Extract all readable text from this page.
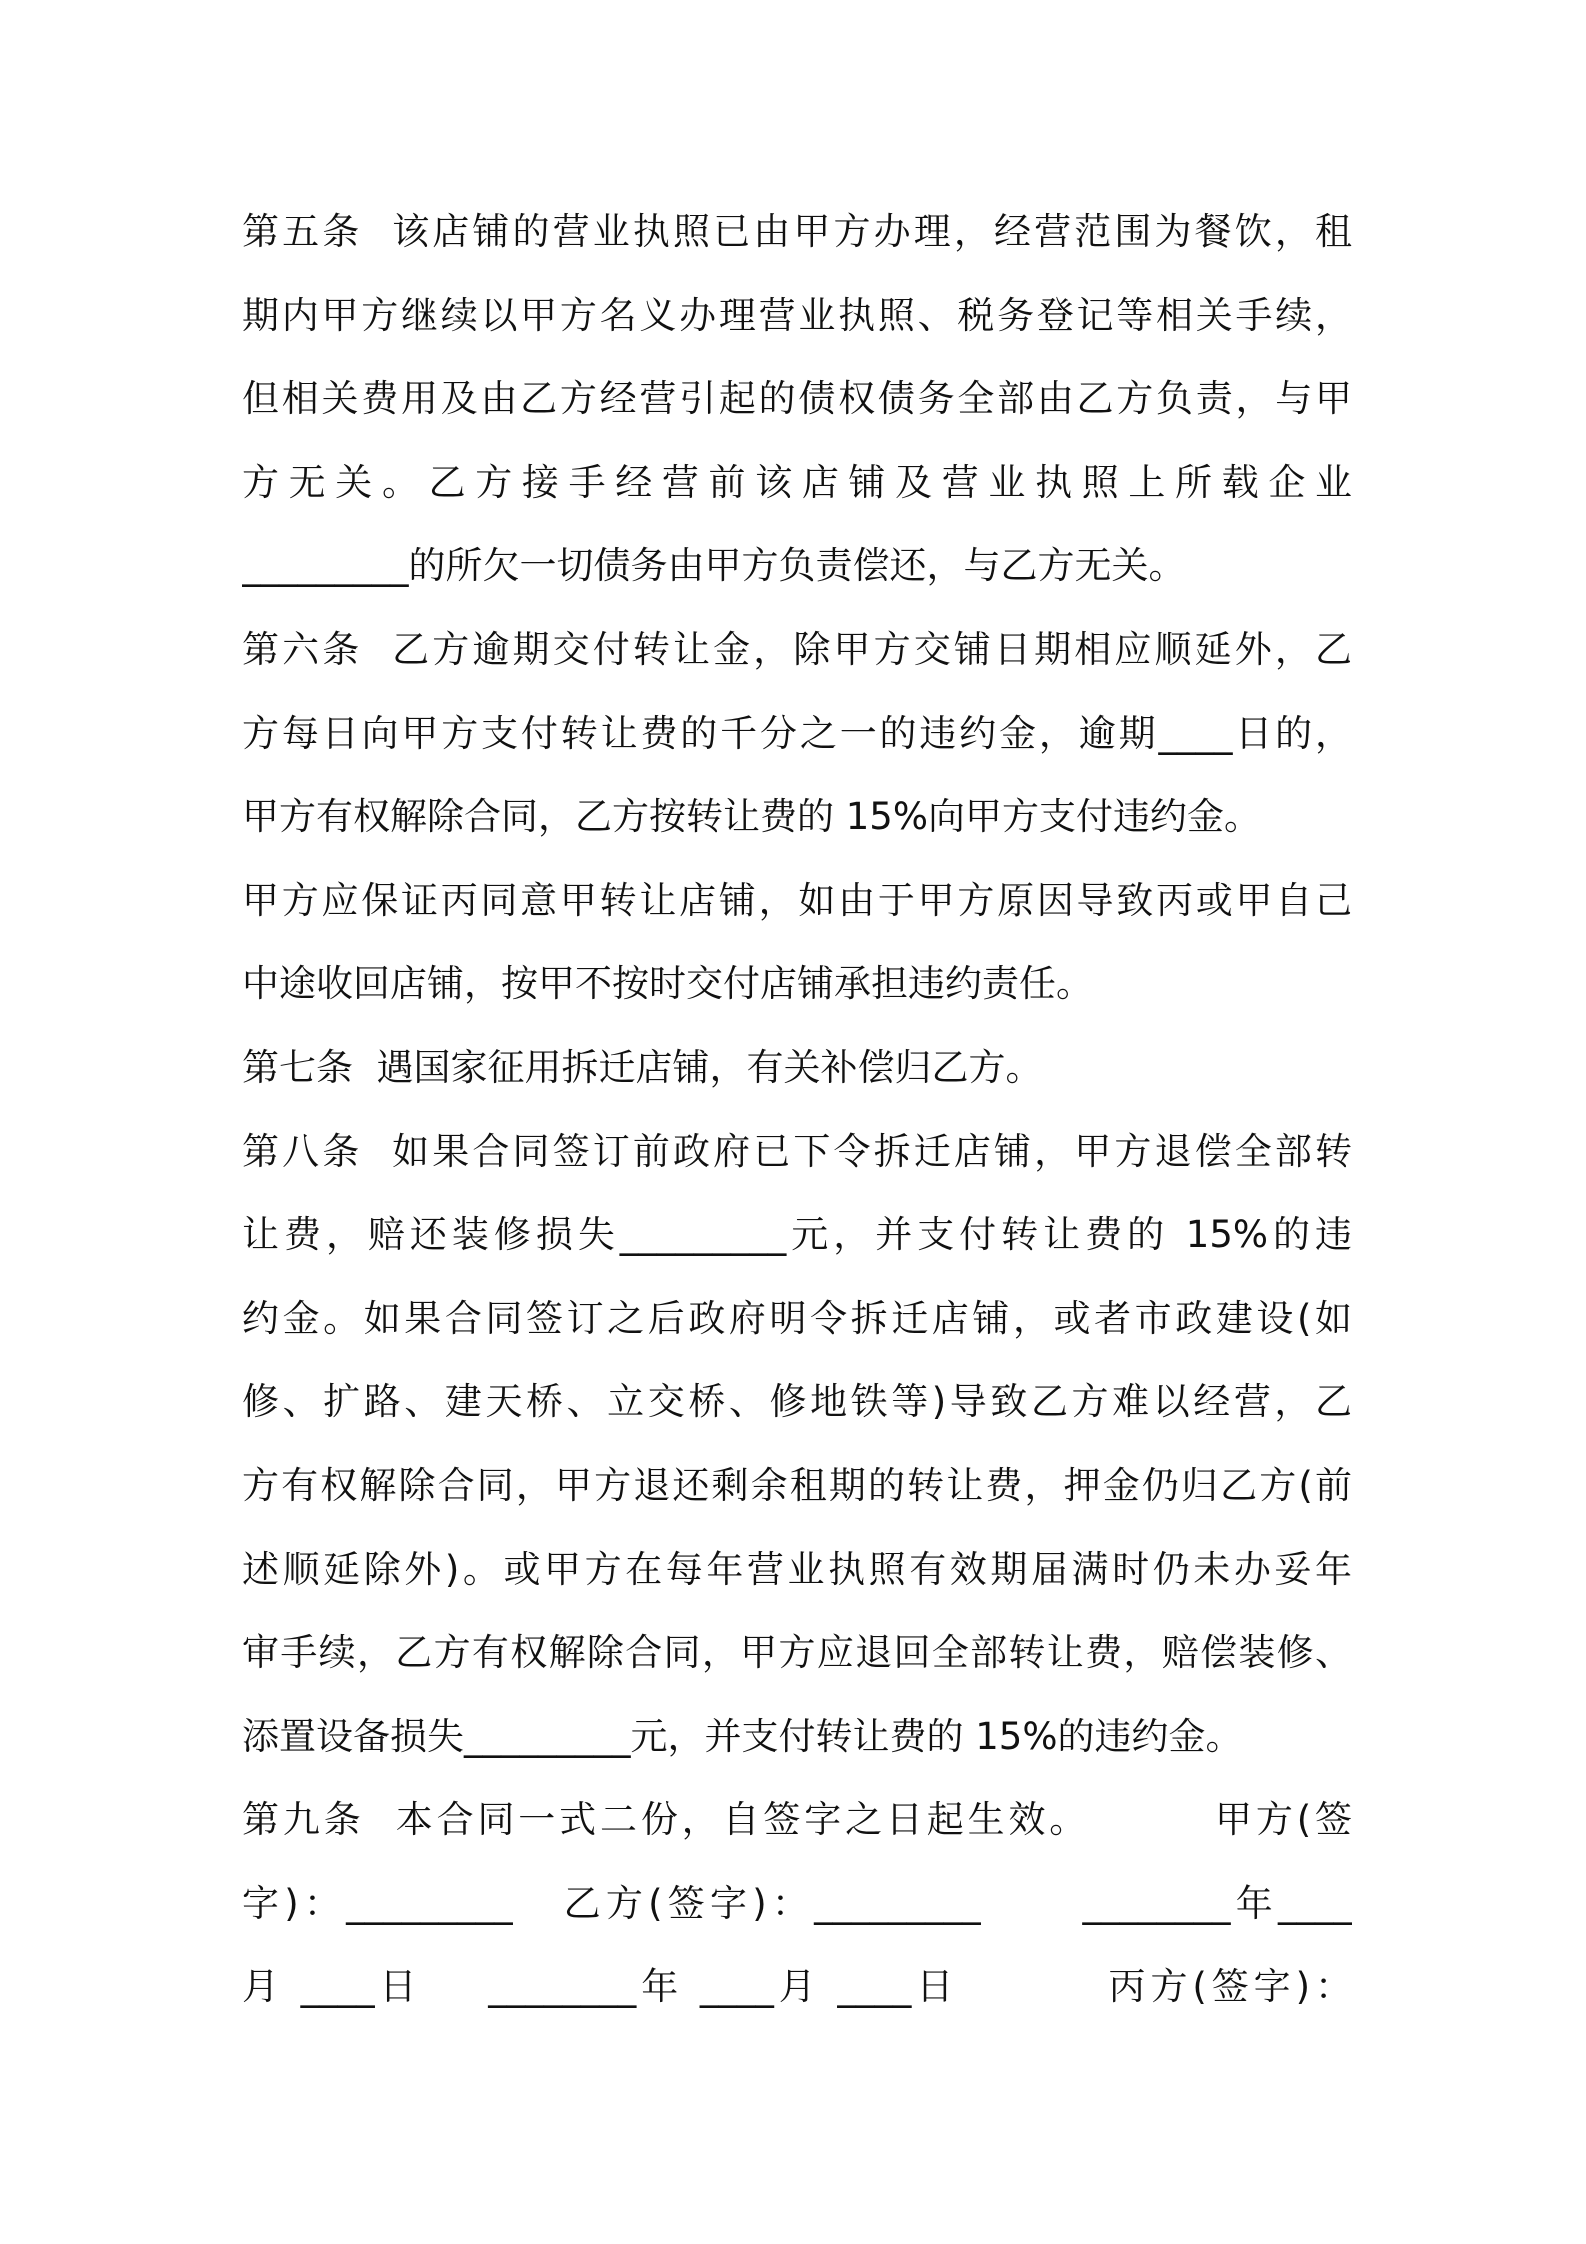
第五条  该店铺的营业执照已由甲方办理，经营范围为餐饮，租
期内甲方继续以甲方名义办理营业执照、税务登记等相关手续，
但相关费用及由乙方经营引起的债权债务全部由乙方负责，与甲
方无关。乙方接手经营前该店铺及营业执照上所载企业
_________的所欠一切债务由甲方负责偿还，与乙方无关。
第六条  乙方逾期交付转让金，除甲方交铺日期相应顺延外，乙
方每日向甲方支付转让费的千分之一的违约金，逾期____日的，
甲方有权解除合同，乙方按转让费的 15%向甲方支付违约金。
甲方应保证丙同意甲转让店铺，如由于甲方原因导致丙或甲自己
中途收回店铺，按甲不按时交付店铺承担违约责任。
第七条  遇国家征用拆迁店铺，有关补偿归乙方。
第八条  如果合同签订前政府已下令拆迁店铺，甲方退偿全部转
让费，赔还装修损失_________元，并支付转让费的 15%的违
约金。如果合同签订之后政府明令拆迁店铺，或者市政建设(如
修、扩路、建天桥、立交桥、修地铁等)导致乙方难以经营，乙
方有权解除合同，甲方退还剩余租期的转让费，押金仍归乙方(前
述顺延除外)。或甲方在每年营业执照有效期届满时仍未办妥年
审手续，乙方有权解除合同，甲方应退回全部转让费，赔偿装修、
添置设备损失_________元，并支付转让费的 15%的违约金。
第九条  本合同一式二份，自签字之日起生效。        甲方(签
字)：_________   乙方(签字)：_________      ________年____
月 ____日    ________年 ____月 ____日         丙方(签字)：
